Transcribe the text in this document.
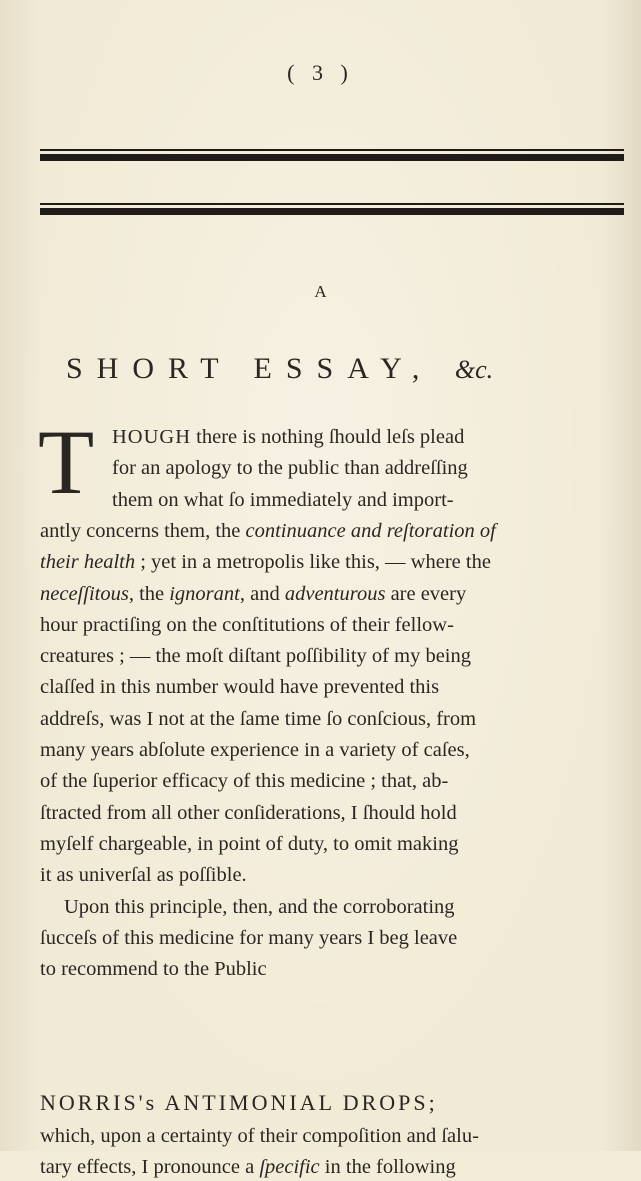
( 3 )
A
SHORT ESSAY, &c.
T HOUGH there is nothing ſhould leſs plead
for an apology to the public than addreſſing
them on what ſo immediately and import-
antly concerns them, the continuance and reſtoration of
their health ; yet in a metropolis like this, — where the
neceſſitous, the ignorant, and adventurous are every
hour practiſing on the conſtitutions of their fellow-
creatures ; — the moſt diſtant poſſibility of my being
claſſed in this number would have prevented this
addreſs, was I not at the ſame time ſo conſcious, from
many years abſolute experience in a variety of caſes,
of the ſuperior efficacy of this medicine ; that, ab-
ſtracted from all other conſiderations, I ſhould hold
myſelf chargeable, in point of duty, to omit making
it as univerſal as poſſible.
Upon this principle, then, and the corroborating
ſucceſs of this medicine for many years I beg leave
to recommend to the Public
NORRIS's ANTIMONIAL DROPS;
which, upon a certainty of their compoſition and ſalu-
tary effects, I pronounce a ſpecific in the following
